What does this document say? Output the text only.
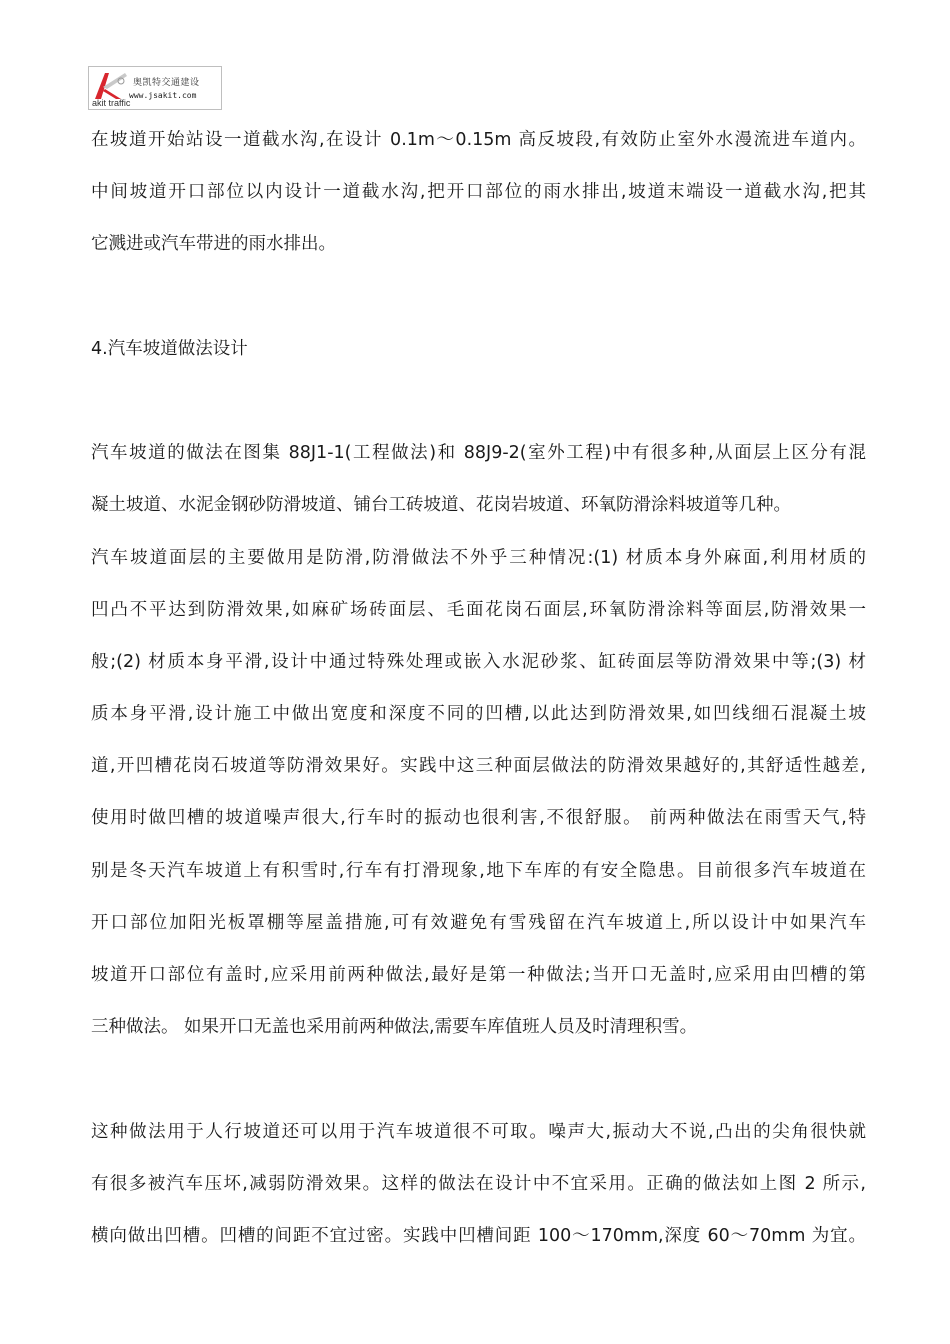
奥凯特交通建设
www.jsakit.com
akit traffic
在坡道开始站设一道截水沟,在设计 0.1m～0.15m 高反坡段,有效防止室外水漫流进车道内。
中间坡道开口部位以内设计一道截水沟,把开口部位的雨水排出,坡道末端设一道截水沟,把其
它溅进或汽车带进的雨水排出。
4.汽车坡道做法设计
汽车坡道的做法在图集 88J1-1(工程做法)和 88J9-2(室外工程)中有很多种,从面层上区分有混
凝土坡道、水泥金钢砂防滑坡道、铺台工砖坡道、花岗岩坡道、环氧防滑涂料坡道等几种。
汽车坡道面层的主要做用是防滑,防滑做法不外乎三种情况:(1) 材质本身外麻面,利用材质的
凹凸不平达到防滑效果,如麻矿场砖面层、毛面花岗石面层,环氧防滑涂料等面层,防滑效果一
般;(2) 材质本身平滑,设计中通过特殊处理或嵌入水泥砂浆、缸砖面层等防滑效果中等;(3) 材
质本身平滑,设计施工中做出宽度和深度不同的凹槽,以此达到防滑效果,如凹线细石混凝土坡
道,开凹槽花岗石坡道等防滑效果好。实践中这三种面层做法的防滑效果越好的,其舒适性越差,
使用时做凹槽的坡道噪声很大,行车时的振动也很利害,不很舒服。 前两种做法在雨雪天气,特
别是冬天汽车坡道上有积雪时,行车有打滑现象,地下车库的有安全隐患。目前很多汽车坡道在
开口部位加阳光板罩棚等屋盖措施,可有效避免有雪残留在汽车坡道上,所以设计中如果汽车
坡道开口部位有盖时,应采用前两种做法,最好是第一种做法;当开口无盖时,应采用由凹槽的第
三种做法。 如果开口无盖也采用前两种做法,需要车库值班人员及时清理积雪。
这种做法用于人行坡道还可以用于汽车坡道很不可取。噪声大,振动大不说,凸出的尖角很快就
有很多被汽车压坏,减弱防滑效果。这样的做法在设计中不宜采用。正确的做法如上图 2 所示,
横向做出凹槽。凹槽的间距不宜过密。实践中凹槽间距 100～170mm,深度 60～70mm 为宜。
